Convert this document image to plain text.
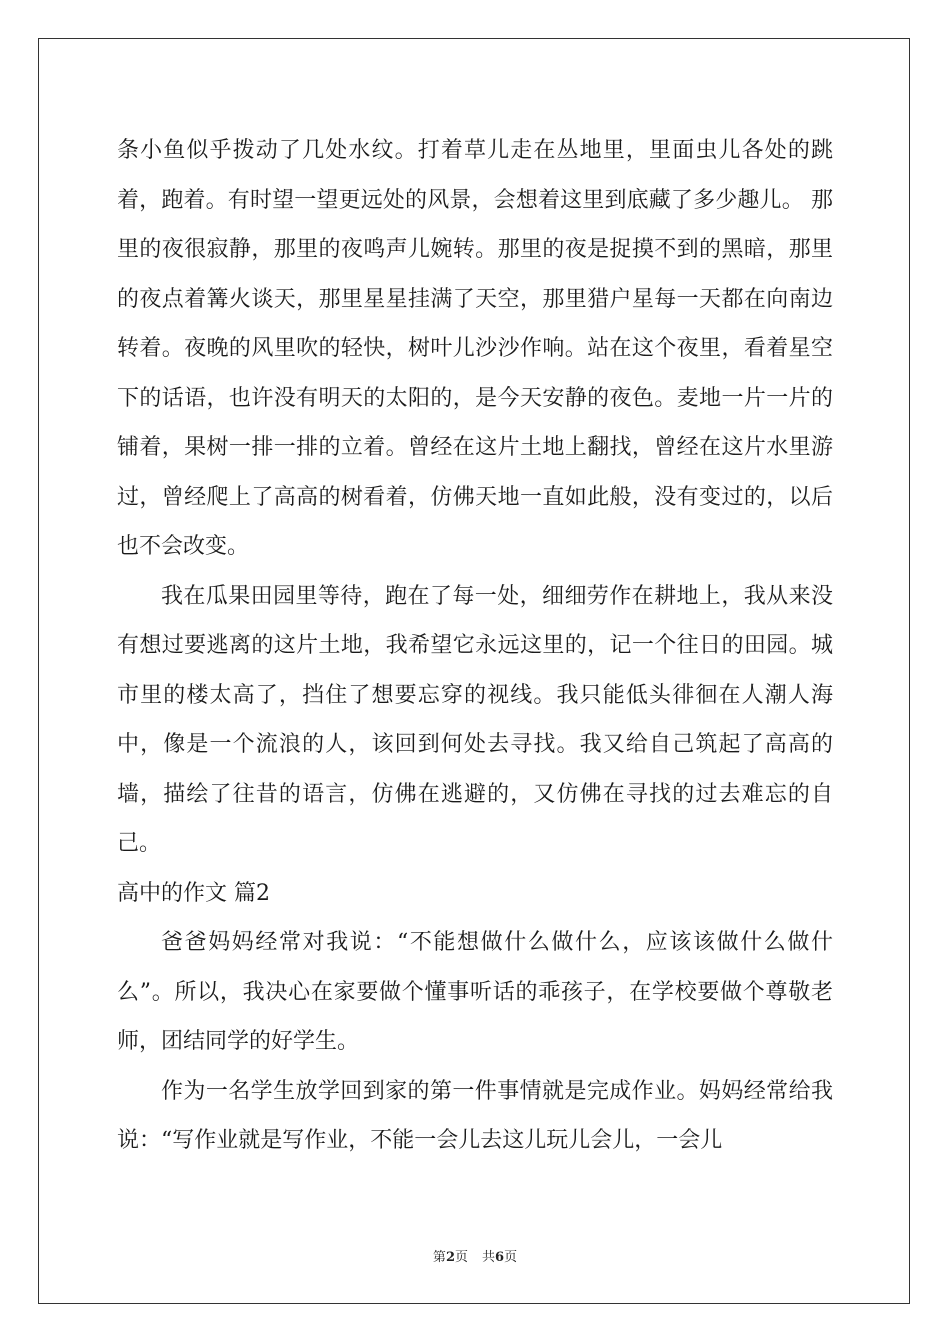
条小鱼似乎拨动了几处水纹。打着草儿走在丛地里，里面虫儿各处的跳着，跑着。有时望一望更远处的风景，会想着这里到底藏了多少趣儿。 那里的夜很寂静，那里的夜鸣声儿婉转。那里的夜是捉摸不到的黑暗，那里的夜点着篝火谈天，那里星星挂满了天空，那里猎户星每一天都在向南边转着。夜晚的风里吹的轻快，树叶儿沙沙作响。站在这个夜里，看着星空下的话语，也许没有明天的太阳的，是今天安静的夜色。麦地一片一片的铺着，果树一排一排的立着。曾经在这片土地上翻找，曾经在这片水里游过，曾经爬上了高高的树看着，仿佛天地一直如此般，没有变过的，以后也不会改变。

我在瓜果田园里等待，跑在了每一处，细细劳作在耕地上，我从来没有想过要逃离的这片土地，我希望它永远这里的，记一个往日的田园。城市里的楼太高了，挡住了想要忘穿的视线。我只能低头徘徊在人潮人海中，像是一个流浪的人，该回到何处去寻找。我又给自己筑起了高高的墙，描绘了往昔的语言，仿佛在逃避的，又仿佛在寻找的过去难忘的自己。

高中的作文 篇2

爸爸妈妈经常对我说：“不能想做什么做什么，应该该做什么做什么”。所以，我决心在家要做个懂事听话的乖孩子，在学校要做个尊敬老师，团结同学的好学生。

作为一名学生放学回到家的第一件事情就是完成作业。妈妈经常给我说：“写作业就是写作业，不能一会儿去这儿玩儿会儿，一会儿

第2页 共6页
